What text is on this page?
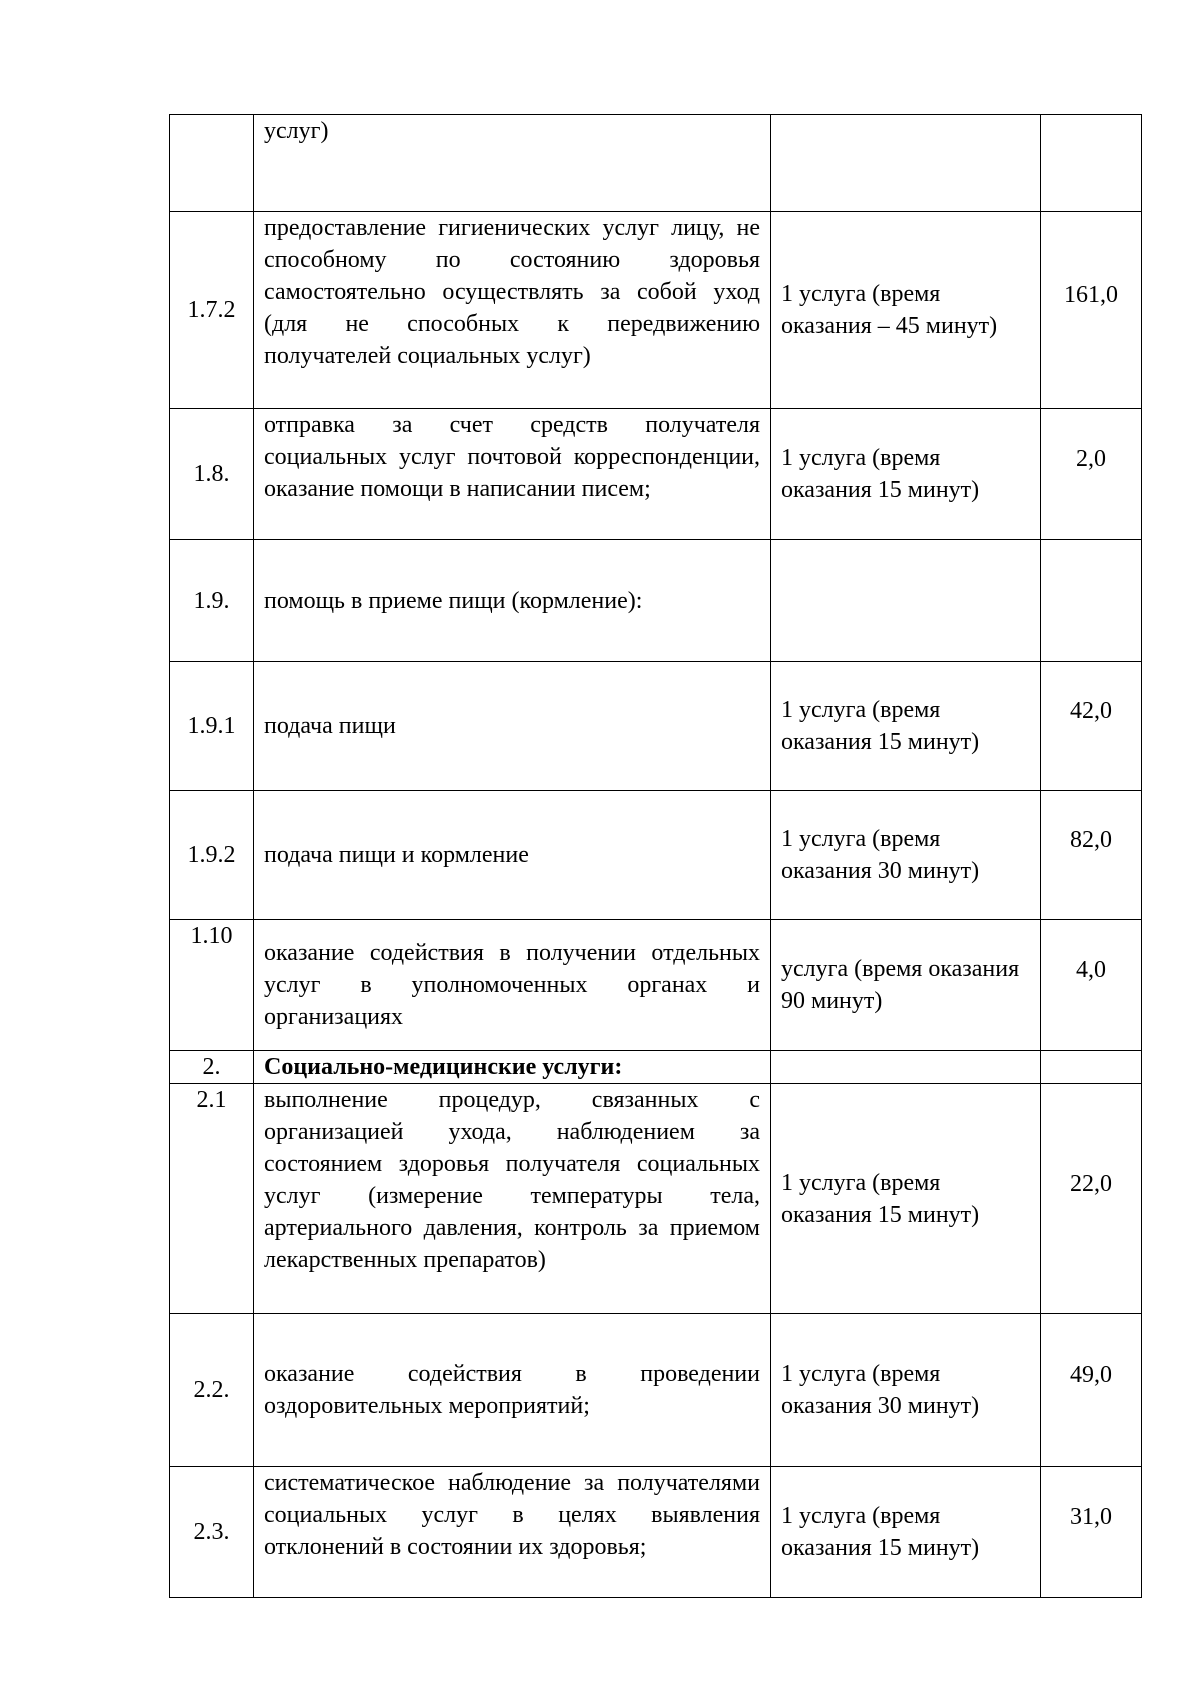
	услуг)		

1.7.2	предоставление гигиенических услуг лицу, не способному по состоянию здоровья самостоятельно осуществлять за собой уход (для не способных к передвижению получателей социальных услуг)	1 услуга (время оказания – 45 минут)	161,0

1.8.	отправка за счет средств получателя социальных услуг почтовой корреспонденции, оказание помощи в написании писем;	1 услуга (время оказания 15 минут)	2,0

1.9.	помощь в приеме пищи (кормление):		

1.9.1	подача пищи	1 услуга (время оказания 15 минут)	42,0

1.9.2	подача пищи и кормление	1 услуга (время оказания 30 минут)	82,0

1.10	оказание содействия в получении отдельных услуг в уполномоченных органах и организациях	услуга (время оказания 90 минут)	4,0

2.	Социально-медицинские услуги:		

2.1	выполнение процедур, связанных с организацией ухода, наблюдением за состоянием здоровья получателя социальных услуг (измерение температуры тела, артериального давления, контроль за приемом лекарственных препаратов)	1 услуга (время оказания 15 минут)	22,0

2.2.	оказание содействия в проведении оздоровительных мероприятий;	1 услуга (время оказания 30 минут)	49,0

2.3.	систематическое наблюдение за получателями социальных услуг в целях выявления отклонений в состоянии их здоровья;	1 услуга (время оказания 15 минут)	31,0
